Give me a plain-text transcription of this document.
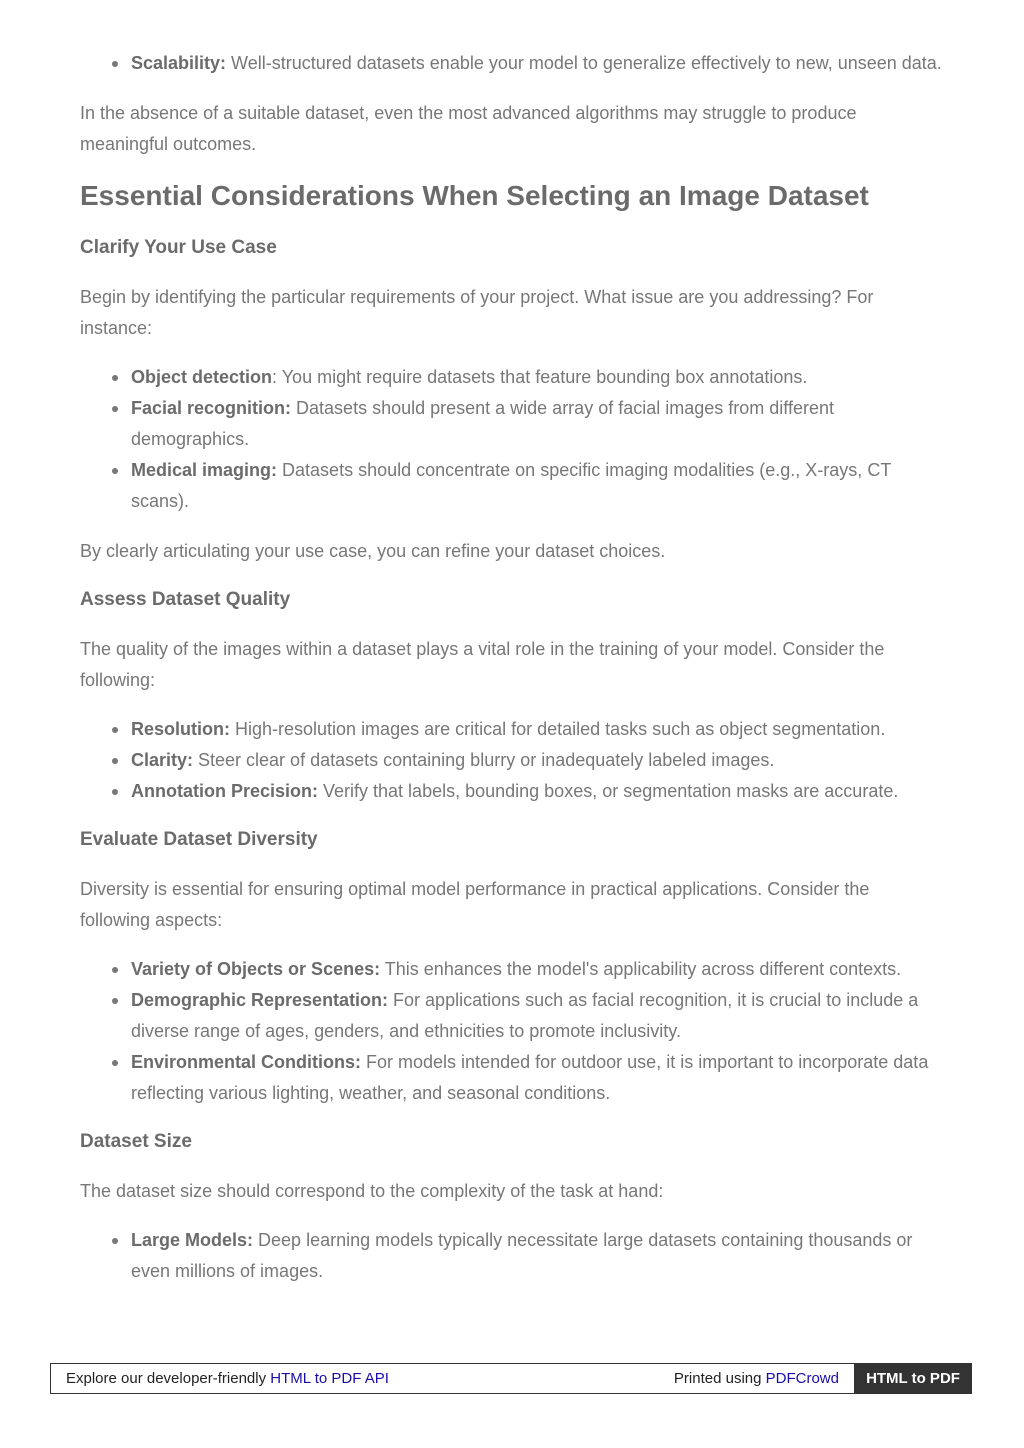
Scalability: Well-structured datasets enable your model to generalize effectively to new, unseen data.

In the absence of a suitable dataset, even the most advanced algorithms may struggle to produce meaningful outcomes.

Essential Considerations When Selecting an Image Dataset
Clarify Your Use Case

Begin by identifying the particular requirements of your project. What issue are you addressing? For instance:

Object detection: You might require datasets that feature bounding box annotations.
Facial recognition: Datasets should present a wide array of facial images from different demographics.
Medical imaging: Datasets should concentrate on specific imaging modalities (e.g., X-rays, CT scans).

By clearly articulating your use case, you can refine your dataset choices.

Assess Dataset Quality

The quality of the images within a dataset plays a vital role in the training of your model. Consider the following:

Resolution: High-resolution images are critical for detailed tasks such as object segmentation.
Clarity: Steer clear of datasets containing blurry or inadequately labeled images.
Annotation Precision: Verify that labels, bounding boxes, or segmentation masks are accurate.
Evaluate Dataset Diversity

Diversity is essential for ensuring optimal model performance in practical applications. Consider the following aspects:

Variety of Objects or Scenes: This enhances the model's applicability across different contexts.
Demographic Representation: For applications such as facial recognition, it is crucial to include a diverse range of ages, genders, and ethnicities to promote inclusivity.
Environmental Conditions: For models intended for outdoor use, it is important to incorporate data reflecting various lighting, weather, and seasonal conditions.
Dataset Size

The dataset size should correspond to the complexity of the task at hand:

Large Models: Deep learning models typically necessitate large datasets containing thousands or even millions of images.
Explore our developer-friendly HTML to PDF API	Printed using PDFCrowd	HTML to PDF
